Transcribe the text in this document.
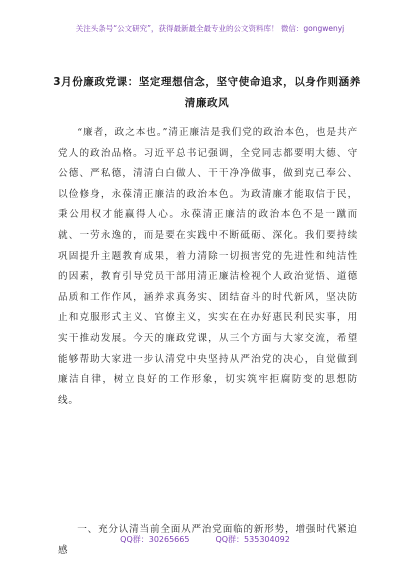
关注头条号“公文研究”，获得最新最全最专业的公文资料库！ 微信：gongwenyj
3月份廉政党课：坚定理想信念，坚守使命追求，以身作则涵养清廉政风

“廉者，政之本也。”清正廉洁是我们党的政治本色，也是共产党人的政治品格。习近平总书记强调，全党同志都要明大德、守公德、严私德，清清白白做人、干干净净做事，做到克己奉公、以俭修身，永葆清正廉洁的政治本色。为政清廉才能取信于民，秉公用权才能赢得人心。永葆清正廉洁的政治本色不是一蹴而就、一劳永逸的，而是要在实践中不断砥砺、深化。我们要持续巩固提升主题教育成果，着力清除一切损害党的先进性和纯洁性的因素，教育引导党员干部用清正廉洁检视个人政治觉悟、道德品质和工作作风，涵养求真务实、团结奋斗的时代新风，坚决防止和克服形式主义、官僚主义，实实在在办好惠民利民实事，用实干推动发展。今天的廉政党课，从三个方面与大家交流，希望能够帮助大家进一步认清党中央坚持从严治党的决心，自觉做到廉洁自律，树立良好的工作形象，切实筑牢拒腐防变的思想防线。

一、充分认清当前全面从严治党面临的新形势，增强时代紧迫感

QQ群：30265665	QQ群：535304092
